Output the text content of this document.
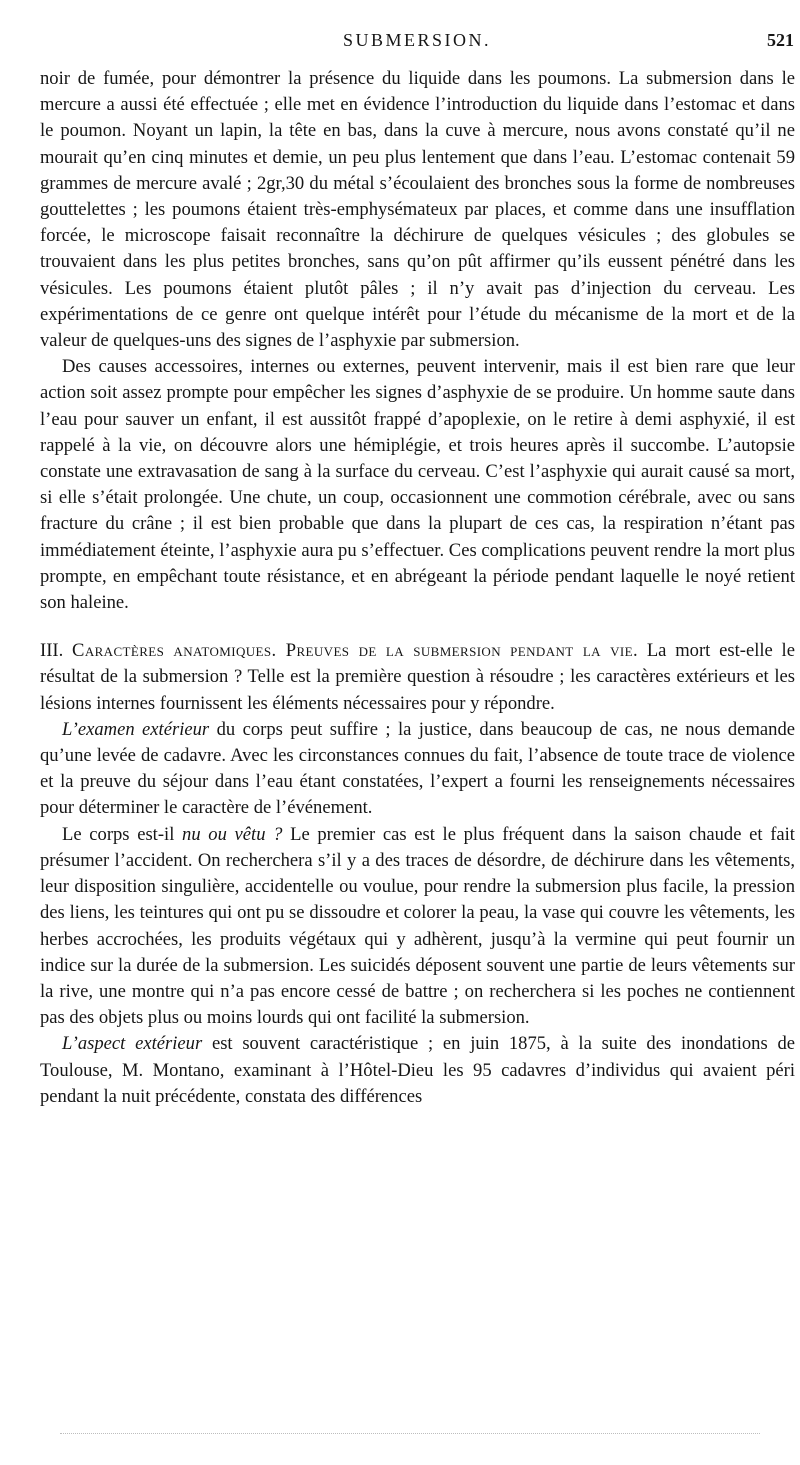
SUBMERSION.	521

noir de fumée, pour démontrer la présence du liquide dans les poumons. La submersion dans le mercure a aussi été effectuée ; elle met en évidence l’introduction du liquide dans l’estomac et dans le poumon. Noyant un lapin, la tête en bas, dans la cuve à mercure, nous avons constaté qu’il ne mourait qu’en cinq minutes et demie, un peu plus lentement que dans l’eau. L’estomac contenait 59 grammes de mercure avalé ; 2gr,30 du métal s’écoulaient des bronches sous la forme de nombreuses gouttelettes ; les poumons étaient très-emphysémateux par places, et comme dans une insufflation forcée, le microscope faisait reconnaître la déchirure de quelques vésicules ; des globules se trouvaient dans les plus petites bronches, sans qu’on pût affirmer qu’ils eussent pénétré dans les vésicules. Les poumons étaient plutôt pâles ; il n’y avait pas d’injection du cerveau. Les expérimentations de ce genre ont quelque intérêt pour l’étude du mécanisme de la mort et de la valeur de quelques-uns des signes de l’asphyxie par submersion.

Des causes accessoires, internes ou externes, peuvent intervenir, mais il est bien rare que leur action soit assez prompte pour empêcher les signes d’asphyxie de se produire. Un homme saute dans l’eau pour sauver un enfant, il est aussitôt frappé d’apoplexie, on le retire à demi asphyxié, il est rappelé à la vie, on découvre alors une hémiplégie, et trois heures après il succombe. L’autopsie constate une extravasation de sang à la surface du cerveau. C’est l’asphyxie qui aurait causé sa mort, si elle s’était prolongée. Une chute, un coup, occasionnent une commotion cérébrale, avec ou sans fracture du crâne ; il est bien probable que dans la plupart de ces cas, la respiration n’étant pas immédiatement éteinte, l’asphyxie aura pu s’effectuer. Ces complications peuvent rendre la mort plus prompte, en empêchant toute résistance, et en abrégeant la période pendant laquelle le noyé retient son haleine.

III. Caractères anatomiques. Preuves de la submersion pendant la vie. La mort est-elle le résultat de la submersion ? Telle est la première question à résoudre ; les caractères extérieurs et les lésions internes fournissent les éléments nécessaires pour y répondre.

L’examen extérieur du corps peut suffire ; la justice, dans beaucoup de cas, ne nous demande qu’une levée de cadavre. Avec les circonstances connues du fait, l’absence de toute trace de violence et la preuve du séjour dans l’eau étant constatées, l’expert a fourni les renseignements nécessaires pour déterminer le caractère de l’événement.

Le corps est-il nu ou vêtu ? Le premier cas est le plus fréquent dans la saison chaude et fait présumer l’accident. On recherchera s’il y a des traces de désordre, de déchirure dans les vêtements, leur disposition singulière, accidentelle ou voulue, pour rendre la submersion plus facile, la pression des liens, les teintures qui ont pu se dissoudre et colorer la peau, la vase qui couvre les vêtements, les herbes accrochées, les produits végétaux qui y adhèrent, jusqu’à la vermine qui peut fournir un indice sur la durée de la submersion. Les suicidés déposent souvent une partie de leurs vêtements sur la rive, une montre qui n’a pas encore cessé de battre ; on recherchera si les poches ne contiennent pas des objets plus ou moins lourds qui ont facilité la submersion.

L’aspect extérieur est souvent caractéristique ; en juin 1875, à la suite des inondations de Toulouse, M. Montano, examinant à l’Hôtel-Dieu les 95 cadavres d’individus qui avaient péri pendant la nuit précédente, constata des différences
